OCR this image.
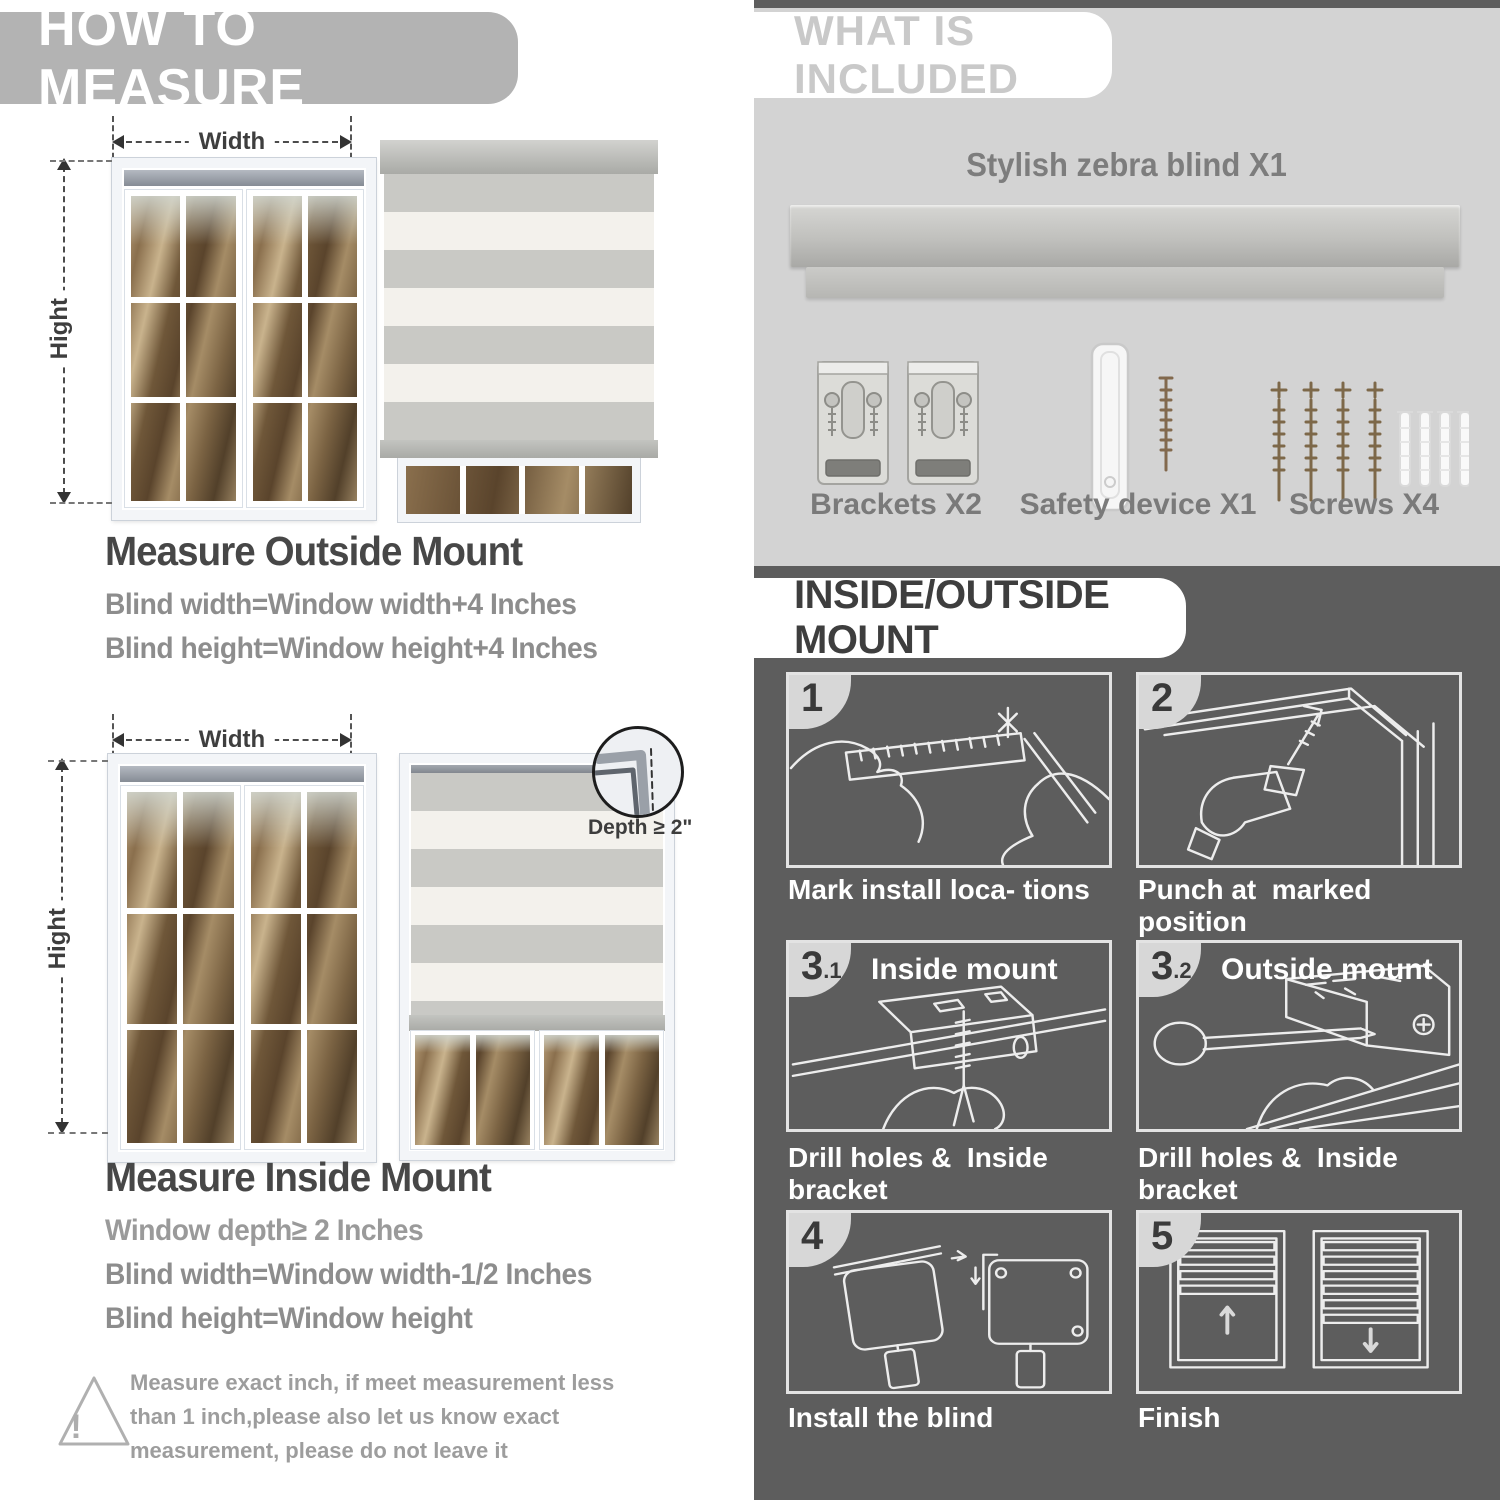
HOW TO MEASURE
Width
Hight
Measure Outside Mount
Blind width=Window width+4 Inches
Blind height=Window height+4 Inches
Width
Hight
Depth ≥ 2"
Measure Inside Mount
Window depth≥ 2 Inches
Blind width=Window width-1/2 Inches
Blind height=Window height
!
Measure exact inch, if meet measurement less than 1 inch,please also let us know exact measurement, please do not leave it
WHAT IS INCLUDED
Stylish zebra blind X1
Brackets X2	Safety device X1	Screws X4
INSIDE/OUTSIDE MOUNT
1
Mark install loca- tions
2
Punch at  marked position
3 .1 Inside mount
Drill holes &  Inside bracket
3 .2 Outside mount
Drill holes &  Inside bracket
4
Install the blind
5
Finish
